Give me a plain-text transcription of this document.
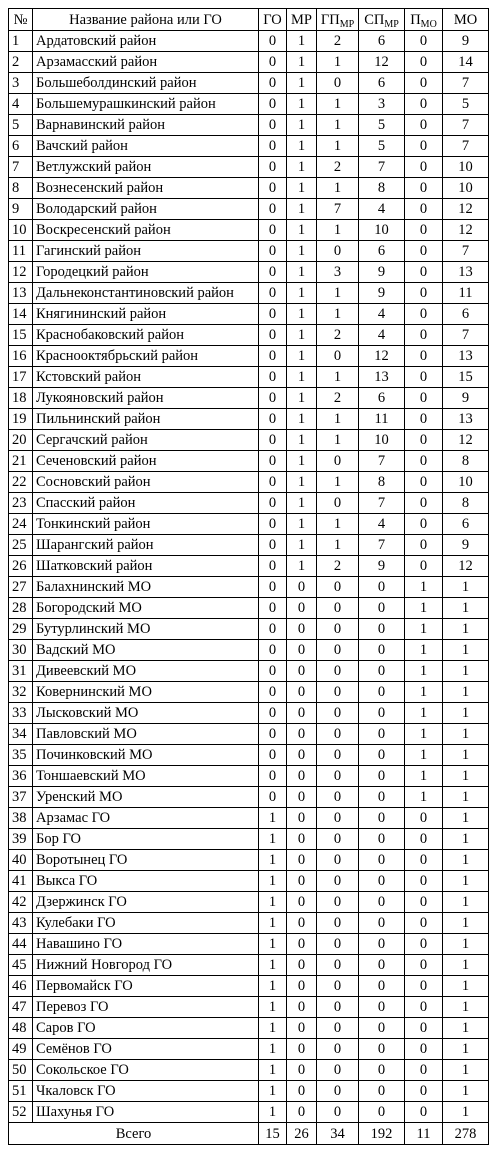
№	Название района или ГО	ГО	МР	$ГП_{МР}$	$СП_{МР}$	$П_{МО}$	МО
1	Ардатовский район	0	1	2	6	0	9
2	Арзамасский район	0	1	1	12	0	14
3	Большеболдинский район	0	1	0	6	0	7
4	Большемурашкинский район	0	1	1	3	0	5
5	Варнавинский район	0	1	1	5	0	7
6	Вачский район	0	1	1	5	0	7
7	Ветлужский район	0	1	2	7	0	10
8	Вознесенский район	0	1	1	8	0	10
9	Володарский район	0	1	7	4	0	12
10	Воскресенский район	0	1	1	10	0	12
11	Гагинский район	0	1	0	6	0	7
12	Городецкий район	0	1	3	9	0	13
13	Дальнеконстантиновский район	0	1	1	9	0	11
14	Княгининский район	0	1	1	4	0	6
15	Краснобаковский район	0	1	2	4	0	7
16	Краснооктябрьский район	0	1	0	12	0	13
17	Кстовский район	0	1	1	13	0	15
18	Лукояновский район	0	1	2	6	0	9
19	Пильнинский район	0	1	1	11	0	13
20	Сергачский район	0	1	1	10	0	12
21	Сеченовский район	0	1	0	7	0	8
22	Сосновский район	0	1	1	8	0	10
23	Спасский район	0	1	0	7	0	8
24	Тонкинский район	0	1	1	4	0	6
25	Шарангский район	0	1	1	7	0	9
26	Шатковский район	0	1	2	9	0	12
27	Балахнинский МО	0	0	0	0	1	1
28	Богородский МО	0	0	0	0	1	1
29	Бутурлинский МО	0	0	0	0	1	1
30	Вадский МО	0	0	0	0	1	1
31	Дивеевский МО	0	0	0	0	1	1
32	Ковернинский МО	0	0	0	0	1	1
33	Лысковский МО	0	0	0	0	1	1
34	Павловский МО	0	0	0	0	1	1
35	Починковский МО	0	0	0	0	1	1
36	Тоншаевский МО	0	0	0	0	1	1
37	Уренский МО	0	0	0	0	1	1
38	Арзамас ГО	1	0	0	0	0	1
39	Бор ГО	1	0	0	0	0	1
40	Воротынец ГО	1	0	0	0	0	1
41	Выкса ГО	1	0	0	0	0	1
42	Дзержинск ГО	1	0	0	0	0	1
43	Кулебаки ГО	1	0	0	0	0	1
44	Навашино ГО	1	0	0	0	0	1
45	Нижний Новгород ГО	1	0	0	0	0	1
46	Первомайск ГО	1	0	0	0	0	1
47	Перевоз ГО	1	0	0	0	0	1
48	Саров ГО	1	0	0	0	0	1
49	Семёнов ГО	1	0	0	0	0	1
50	Сокольское ГО	1	0	0	0	0	1
51	Чкаловск ГО	1	0	0	0	0	1
52	Шахунья ГО	1	0	0	0	0	1
Всего		15	26	34	192	11	278
